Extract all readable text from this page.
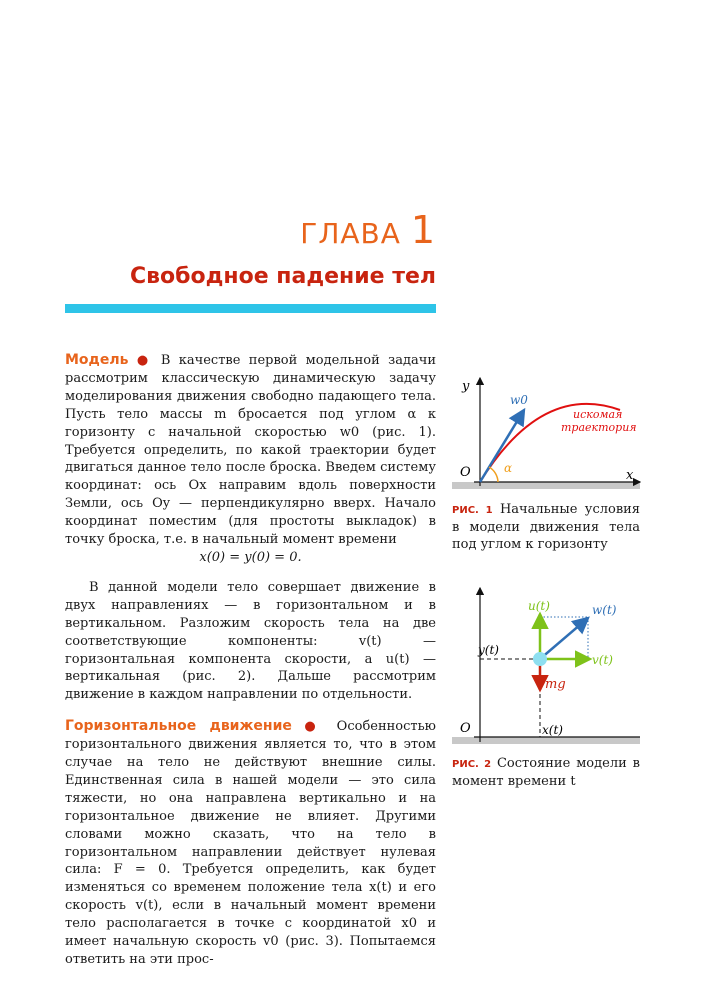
ГЛАВА 1
Свободное падение тел

Модель ● В качестве первой модельной задачи рассмотрим классическую динамическую задачу моделирования движения свободно падающего тела. Пусть тело массы m бросается под углом α к горизонту с начальной скоростью w0 (рис. 1). Требуется определить, по какой траектории будет двигаться данное тело после броска. Введем систему координат: ось Ox направим вдоль поверхности Земли, ось Oy — перпендикулярно вверх. Начало координат поместим (для простоты выкладок) в точку броска, т.е. в начальный момент времени

x(0) = y(0) = 0.

В данной модели тело совершает движение в двух направлениях — в горизонтальном и в вертикальном. Разложим скорость тела на две соответствующие компоненты: v(t) — горизонтальная компонента скорости, а u(t) — вертикальная (рис. 2). Дальше рассмотрим движение в каждом направлении по отдельности.

Горизонтальное движение ● Особенностью горизонтального движения является то, что в этом случае на тело не действуют внешние силы. Единственная сила в нашей модели — это сила тяжести, но она направлена вертикально и на горизонтальное движение не влияет. Другими словами можно сказать, что на тело в горизонтальном направлении действует нулевая сила: F = 0. Требуется определить, как будет изменяться со временем положение тела x(t) и его скорость v(t), если в начальный момент времени тело располагается в точке с координатой x0 и имеет начальную скорость v0 (рис. 3). Попытаемся ответить на эти прос-

y
x
O
w0
α
искомая
траектория
РИС. 1 Начальные условия в модели движения тела под углом к горизонту
u(t)	w(t)
y(t)
v(t)
mg
O	x(t)
РИС. 2 Состояние модели в момент времени t
